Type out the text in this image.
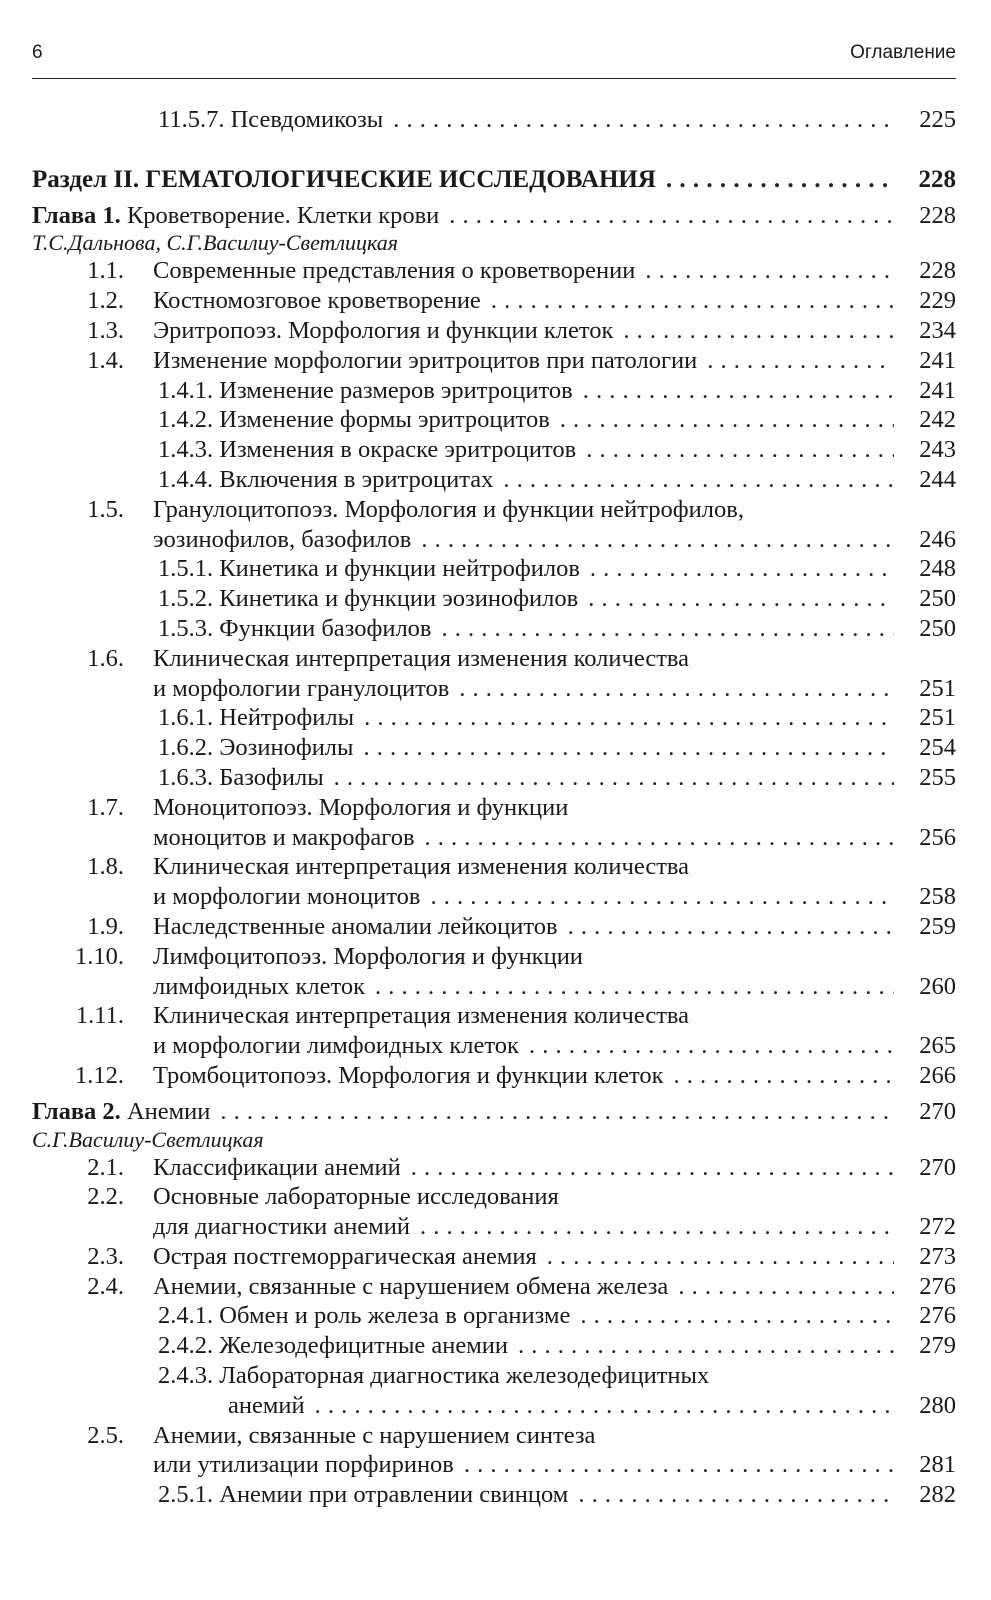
6	Оглавление
11.5.7. Псевдомикозы . . .	225
Раздел II. ГЕМАТОЛОГИЧЕСКИЕ ИССЛЕДОВАНИЯ . . .	228
Глава 1. Кроветворение. Клетки крови . . .	228
Т.С.Дальнова, С.Г.Василиу-Светлицкая
1.1. Современные представления о кроветворении . . .	228
1.2. Костномозговое кроветворение . . .	229
1.3. Эритропоэз. Морфология и функции клеток . . .	234
1.4. Изменение морфологии эритроцитов при патологии . . .	241
1.4.1. Изменение размеров эритроцитов . . .	241
1.4.2. Изменение формы эритроцитов . . .	242
1.4.3. Изменения в окраске эритроцитов . . .	243
1.4.4. Включения в эритроцитах . . .	244
1.5. Гранулоцитопоэз. Морфология и функции нейтрофилов,
эозинофилов, базофилов . . .	246
1.5.1. Кинетика и функции нейтрофилов . . .	248
1.5.2. Кинетика и функции эозинофилов . . .	250
1.5.3. Функции базофилов . . .	250
1.6. Клиническая интерпретация изменения количества
и морфологии гранулоцитов . . .	251
1.6.1. Нейтрофилы . . .	251
1.6.2. Эозинофилы . . .	254
1.6.3. Базофилы . . .	255
1.7. Моноцитопоэз. Морфология и функции
моноцитов и макрофагов . . .	256
1.8. Клиническая интерпретация изменения количества
и морфологии моноцитов . . .	258
1.9. Наследственные аномалии лейкоцитов . . .	259
1.10. Лимфоцитопоэз. Морфология и функции
лимфоидных клеток . . .	260
1.11. Клиническая интерпретация изменения количества
и морфологии лимфоидных клеток . . .	265
1.12. Тромбоцитопоэз. Морфология и функции клеток . . .	266
Глава 2. Анемии . . .	270
С.Г.Василиу-Светлицкая
2.1. Классификации анемий . . .	270
2.2. Основные лабораторные исследования
для диагностики анемий . . .	272
2.3. Острая постгеморрагическая анемия . . .	273
2.4. Анемии, связанные с нарушением обмена железа . . .	276
2.4.1. Обмен и роль железа в организме . . .	276
2.4.2. Железодефицитные анемии . . .	279
2.4.3. Лабораторная диагностика железодефицитных
анемий . . .	280
2.5. Анемии, связанные с нарушением синтеза
или утилизации порфиринов . . .	281
2.5.1. Анемии при отравлении свинцом . . .	282
